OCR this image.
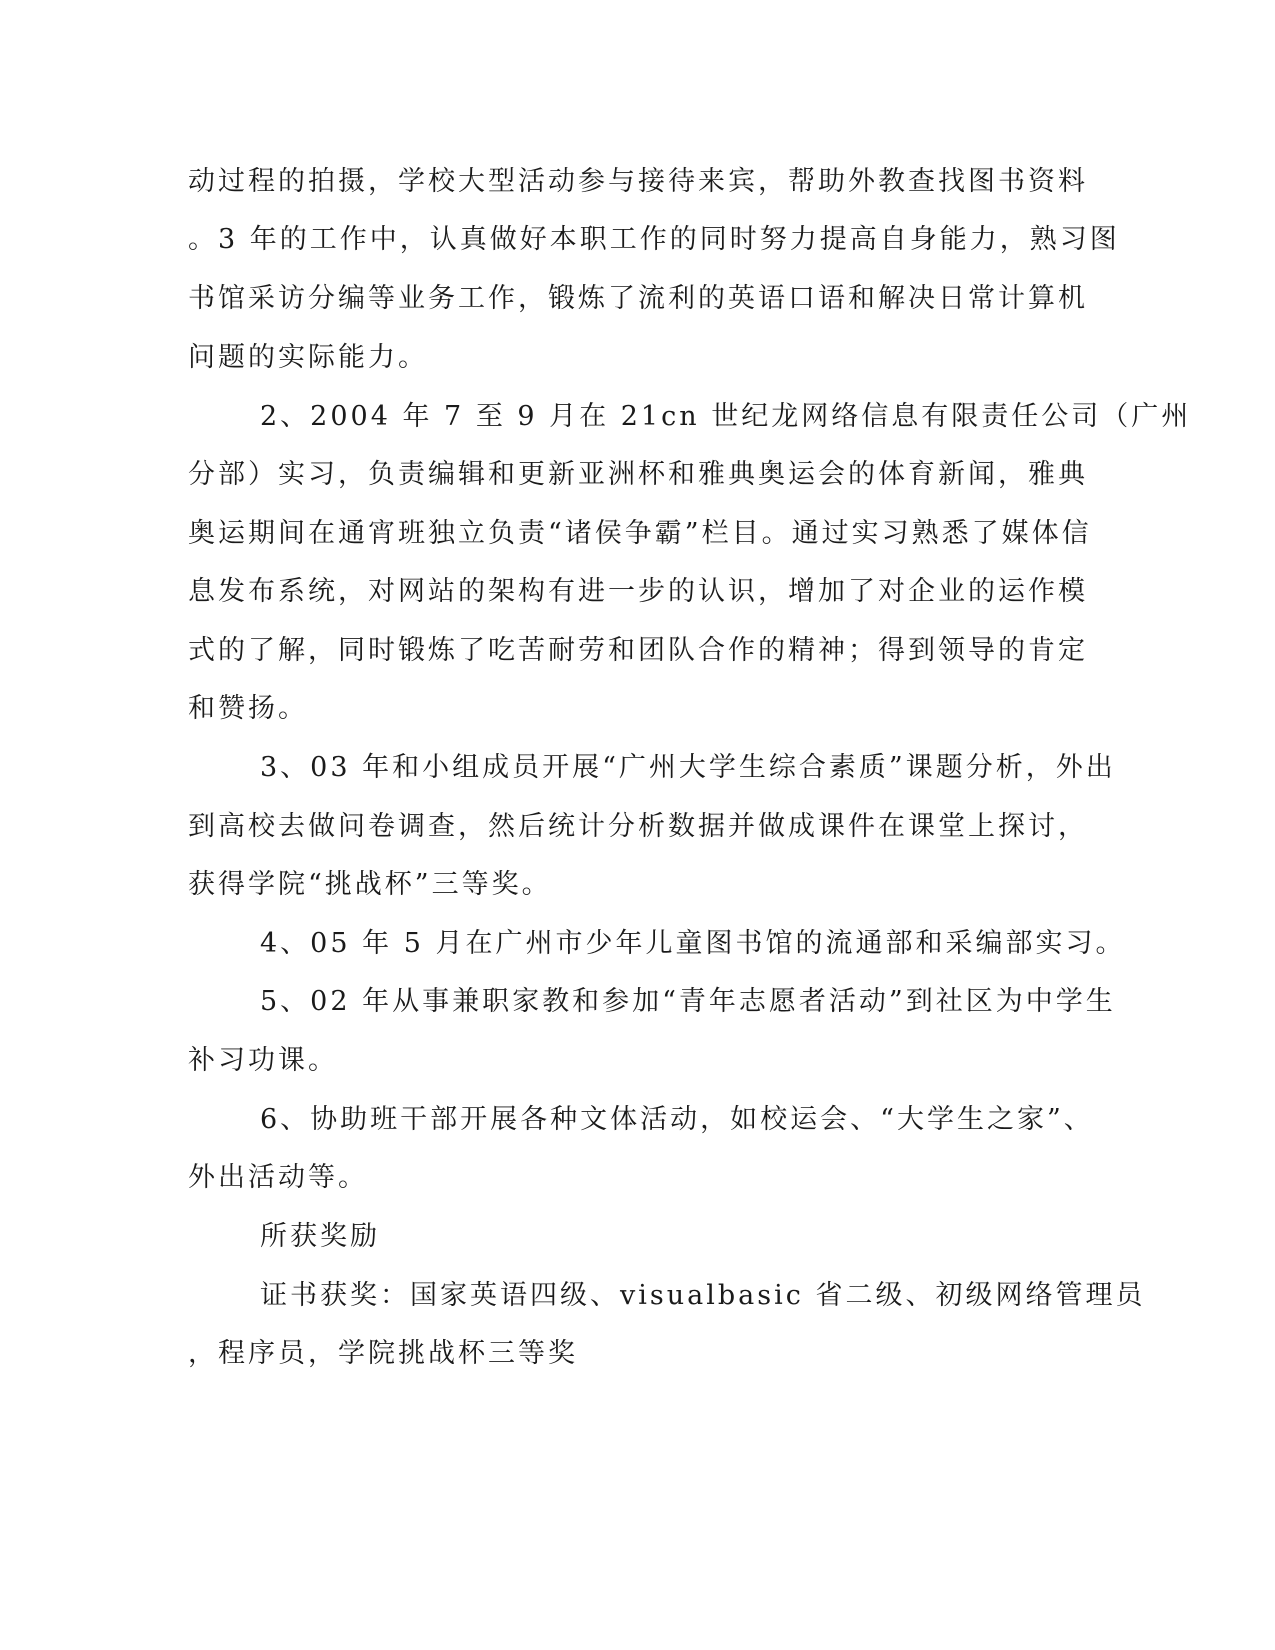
动过程的拍摄，学校大型活动参与接待来宾，帮助外教查找图书资料
。3 年的工作中，认真做好本职工作的同时努力提高自身能力，熟习图
书馆采访分编等业务工作，锻炼了流利的英语口语和解决日常计算机
问题的实际能力。
2、2004 年 7 至 9 月在 21cn 世纪龙网络信息有限责任公司（广州
分部）实习，负责编辑和更新亚洲杯和雅典奥运会的体育新闻，雅典
奥运期间在通宵班独立负责“诸侯争霸”栏目。通过实习熟悉了媒体信
息发布系统，对网站的架构有进一步的认识，增加了对企业的运作模
式的了解，同时锻炼了吃苦耐劳和团队合作的精神；得到领导的肯定
和赞扬。
3、03 年和小组成员开展“广州大学生综合素质”课题分析，外出
到高校去做问卷调查，然后统计分析数据并做成课件在课堂上探讨，
获得学院“挑战杯”三等奖。
4、05 年 5 月在广州市少年儿童图书馆的流通部和采编部实习。
5、02 年从事兼职家教和参加“青年志愿者活动”到社区为中学生
补习功课。
6、协助班干部开展各种文体活动，如校运会、“大学生之家”、
外出活动等。
所获奖励
证书获奖：国家英语四级、visualbasic 省二级、初级网络管理员
，程序员，学院挑战杯三等奖
